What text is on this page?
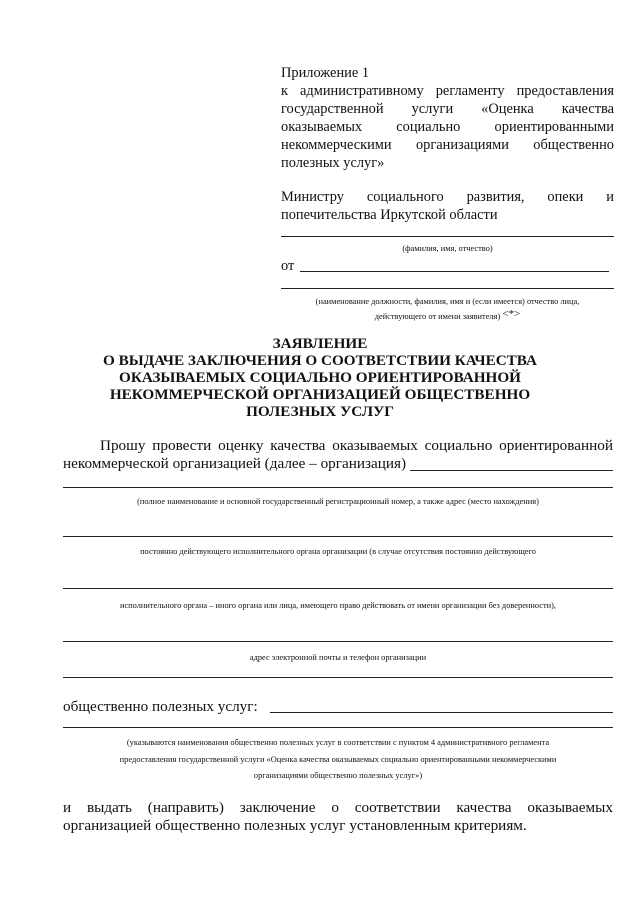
Приложение 1
к административному регламенту предоставления
государственной услуги «Оценка качества
оказываемых социально ориентированными
некоммерческими организациями общественно
полезных услуг»
Министру социального развития, опеки и
попечительства Иркутской области
(фамилия, имя, отчество)
от
(наименование должности, фамилия, имя и (если имеется) отчество лица,
действующего от имени заявителя) <*>
ЗАЯВЛЕНИЕ
О ВЫДАЧЕ ЗАКЛЮЧЕНИЯ О СООТВЕТСТВИИ КАЧЕСТВА
ОКАЗЫВАЕМЫХ СОЦИАЛЬНО ОРИЕНТИРОВАННОЙ
НЕКОММЕРЧЕСКОЙ ОРГАНИЗАЦИЕЙ ОБЩЕСТВЕННО
ПОЛЕЗНЫХ УСЛУГ
Прошу провести оценку качества оказываемых социально ориентированной
некоммерческой организацией (далее – организация)
(полное наименование и основной государственный регистрационный номер, а также адрес (место нахождения)
постоянно действующего исполнительного органа организации (в случае отсутствия постоянно действующего
исполнительного органа – иного органа или лица, имеющего право действовать от имени организации без доверенности),
адрес электронной почты и телефон организации
общественно полезных услуг:
(указываются наименования общественно полезных услуг в соответствии с пунктом 4 административного регламента
предоставления государственной услуги «Оценка качества оказываемых социально ориентированными некоммерческими
организациями общественно полезных услуг»)
и выдать (направить) заключение о соответствии качества оказываемых
организацией общественно полезных услуг установленным критериям.
